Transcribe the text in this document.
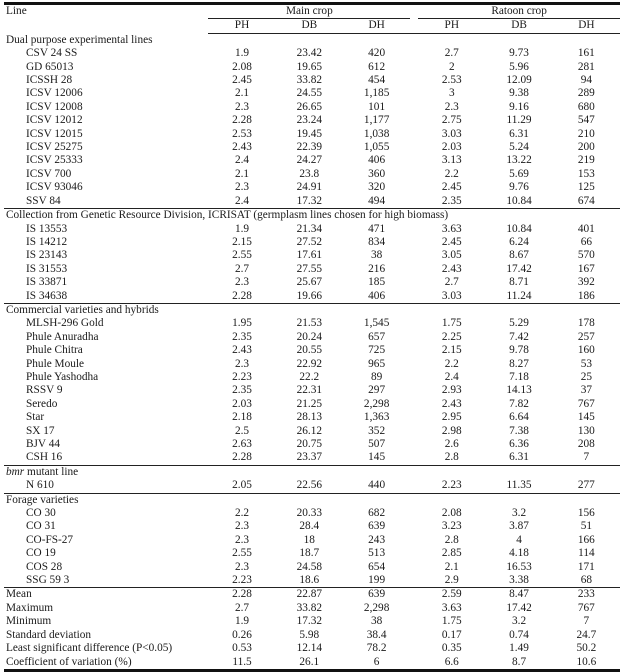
Line	Main crop				Ratoon crop		
	PH	DB	DH		PH	DB	DH
Dual purpose experimental lines							
CSV 24 SS	1.9	23.42	420		2.7	9.73	161
GD 65013	2.08	19.65	612		2	5.96	281
ICSSH 28	2.45	33.82	454		2.53	12.09	94
ICSV 12006	2.1	24.55	1,185		3	9.38	289
ICSV 12008	2.3	26.65	101		2.3	9.16	680
ICSV 12012	2.28	23.24	1,177		2.75	11.29	547
ICSV 12015	2.53	19.45	1,038		3.03	6.31	210
ICSV 25275	2.43	22.39	1,055		2.03	5.24	200
ICSV 25333	2.4	24.27	406		3.13	13.22	219
ICSV 700	2.1	23.8	360		2.2	5.69	153
ICSV 93046	2.3	24.91	320		2.45	9.76	125
SSV 84	2.4	17.32	494		2.35	10.84	674
Collection from Genetic Resource Division, ICRISAT (germplasm lines chosen for high biomass)							
IS 13553	1.9	21.34	471		3.63	10.84	401
IS 14212	2.15	27.52	834		2.45	6.24	66
IS 23143	2.55	17.61	38		3.05	8.67	570
IS 31553	2.7	27.55	216		2.43	17.42	167
IS 33871	2.3	25.67	185		2.7	8.71	392
IS 34638	2.28	19.66	406		3.03	11.24	186
Commercial varieties and hybrids							
MLSH-296 Gold	1.95	21.53	1,545		1.75	5.29	178
Phule Anuradha	2.35	20.24	657		2.25	7.42	257
Phule Chitra	2.43	20.55	725		2.15	9.78	160
Phule Moule	2.3	22.92	965		2.2	8.27	53
Phule Yashodha	2.23	22.2	89		2.4	7.18	25
RSSV 9	2.35	22.31	297		2.93	14.13	37
Seredo	2.03	21.25	2,298		2.43	7.82	767
Star	2.18	28.13	1,363		2.95	6.64	145
SX 17	2.5	26.12	352		2.98	7.38	130
BJV 44	2.63	20.75	507		2.6	6.36	208
CSH 16	2.28	23.37	145		2.8	6.31	7
bmr mutant line							
N 610	2.05	22.56	440		2.23	11.35	277
Forage varieties							
CO 30	2.2	20.33	682		2.08	3.2	156
CO 31	2.3	28.4	639		3.23	3.87	51
CO-FS-27	2.3	18	243		2.8	4	166
CO 19	2.55	18.7	513		2.85	4.18	114
COS 28	2.3	24.58	654		2.1	16.53	171
SSG 59 3	2.23	18.6	199		2.9	3.38	68
Mean	2.28	22.87	639		2.59	8.47	233
Maximum	2.7	33.82	2,298		3.63	17.42	767
Minimum	1.9	17.32	38		1.75	3.2	7
Standard deviation	0.26	5.98	38.4		0.17	0.74	24.7
Least significant difference (P<0.05)	0.53	12.14	78.2		0.35	1.49	50.2
Coefficient of variation (%)	11.5	26.1	6		6.6	8.7	10.6
